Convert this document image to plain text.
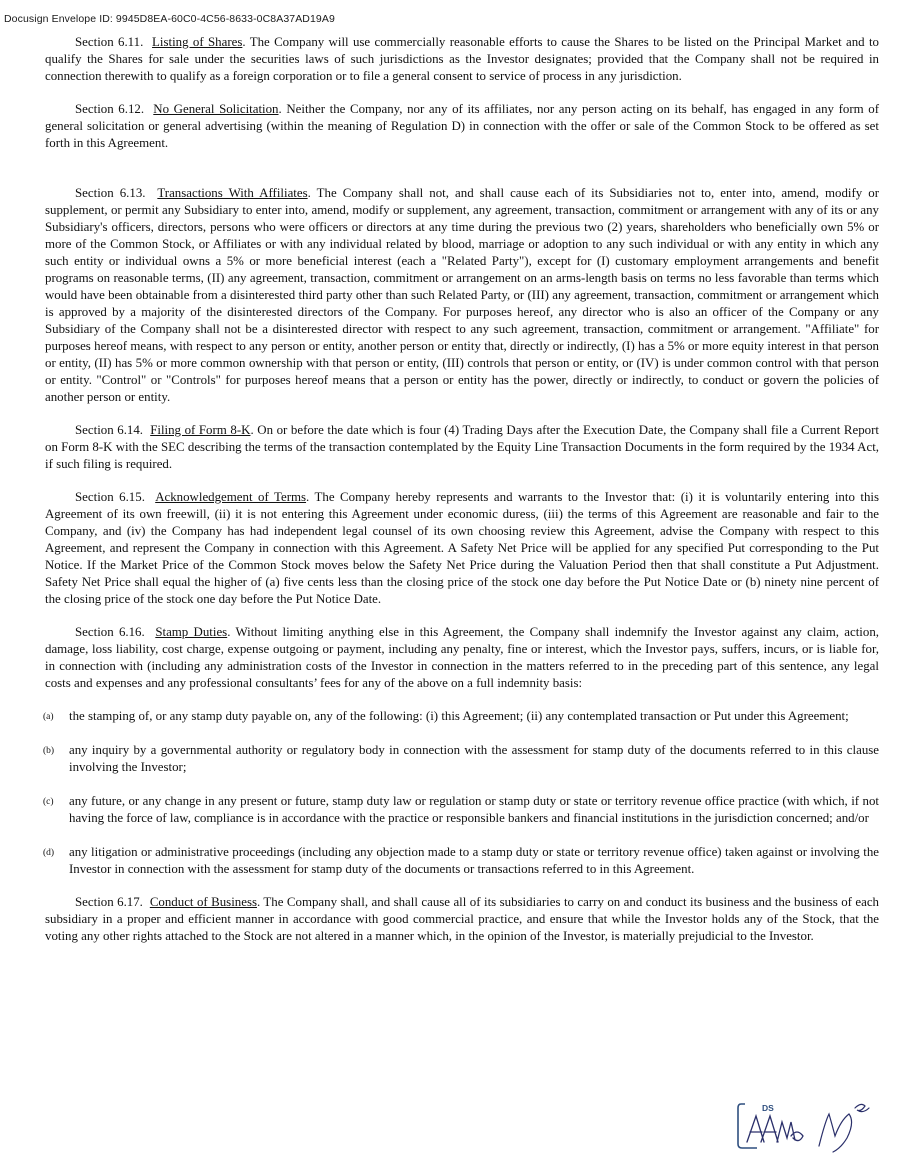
Docusign Envelope ID: 9945D8EA-60C0-4C56-8633-0C8A37AD19A9

Section 6.11. Listing of Shares. The Company will use commercially reasonable efforts to cause the Shares to be listed on the Principal Market and to qualify the Shares for sale under the securities laws of such jurisdictions as the Investor designates; provided that the Company shall not be required in connection therewith to qualify as a foreign corporation or to file a general consent to service of process in any jurisdiction.

Section 6.12. No General Solicitation. Neither the Company, nor any of its affiliates, nor any person acting on its behalf, has engaged in any form of general solicitation or general advertising (within the meaning of Regulation D) in connection with the offer or sale of the Common Stock to be offered as set forth in this Agreement.

Section 6.13. Transactions With Affiliates. The Company shall not, and shall cause each of its Subsidiaries not to, enter into, amend, modify or supplement, or permit any Subsidiary to enter into, amend, modify or supplement, any agreement, transaction, commitment or arrangement with any of its or any Subsidiary's officers, directors, persons who were officers or directors at any time during the previous two (2) years, shareholders who beneficially own 5% or more of the Common Stock, or Affiliates or with any individual related by blood, marriage or adoption to any such individual or with any entity in which any such entity or individual owns a 5% or more beneficial interest (each a "Related Party"), except for (I) customary employment arrangements and benefit programs on reasonable terms, (II) any agreement, transaction, commitment or arrangement on an arms-length basis on terms no less favorable than terms which would have been obtainable from a disinterested third party other than such Related Party, or (III) any agreement, transaction, commitment or arrangement which is approved by a majority of the disinterested directors of the Company. For purposes hereof, any director who is also an officer of the Company or any Subsidiary of the Company shall not be a disinterested director with respect to any such agreement, transaction, commitment or arrangement. "Affiliate" for purposes hereof means, with respect to any person or entity, another person or entity that, directly or indirectly, (I) has a 5% or more equity interest in that person or entity, (II) has 5% or more common ownership with that person or entity, (III) controls that person or entity, or (IV) is under common control with that person or entity. "Control" or "Controls" for purposes hereof means that a person or entity has the power, directly or indirectly, to conduct or govern the policies of another person or entity.

Section 6.14. Filing of Form 8-K. On or before the date which is four (4) Trading Days after the Execution Date, the Company shall file a Current Report on Form 8-K with the SEC describing the terms of the transaction contemplated by the Equity Line Transaction Documents in the form required by the 1934 Act, if such filing is required.

Section 6.15. Acknowledgement of Terms. The Company hereby represents and warrants to the Investor that: (i) it is voluntarily entering into this Agreement of its own freewill, (ii) it is not entering this Agreement under economic duress, (iii) the terms of this Agreement are reasonable and fair to the Company, and (iv) the Company has had independent legal counsel of its own choosing review this Agreement, advise the Company with respect to this Agreement, and represent the Company in connection with this Agreement. A Safety Net Price will be applied for any specified Put corresponding to the Put Notice. If the Market Price of the Common Stock moves below the Safety Net Price during the Valuation Period then that shall constitute a Put Adjustment. Safety Net Price shall equal the higher of (a) five cents less than the closing price of the stock one day before the Put Notice Date or (b) ninety nine percent of the closing price of the stock one day before the Put Notice Date.

Section 6.16. Stamp Duties. Without limiting anything else in this Agreement, the Company shall indemnify the Investor against any claim, action, damage, loss liability, cost charge, expense outgoing or payment, including any penalty, fine or interest, which the Investor pays, suffers, incurs, or is liable for, in connection with (including any administration costs of the Investor in connection in the matters referred to in the preceding part of this sentence, any legal costs and expenses and any professional consultants’ fees for any of the above on a full indemnity basis:

(a) the stamping of, or any stamp duty payable on, any of the following: (i) this Agreement; (ii) any contemplated transaction or Put under this Agreement;
(b) any inquiry by a governmental authority or regulatory body in connection with the assessment for stamp duty of the documents referred to in this clause involving the Investor;
(c) any future, or any change in any present or future, stamp duty law or regulation or stamp duty or state or territory revenue office practice (with which, if not having the force of law, compliance is in accordance with the practice or responsible bankers and financial institutions in the jurisdiction concerned; and/or
(d) any litigation or administrative proceedings (including any objection made to a stamp duty or state or territory revenue office) taken against or involving the Investor in connection with the assessment for stamp duty of the documents or transactions referred to in this Agreement.

Section 6.17. Conduct of Business. The Company shall, and shall cause all of its subsidiaries to carry on and conduct its business and the business of each subsidiary in a proper and efficient manner in accordance with good commercial practice, and ensure that while the Investor holds any of the Stock, that the voting any other rights attached to the Stock are not altered in a manner which, in the opinion of the Investor, is materially prejudicial to the Investor.

DS
